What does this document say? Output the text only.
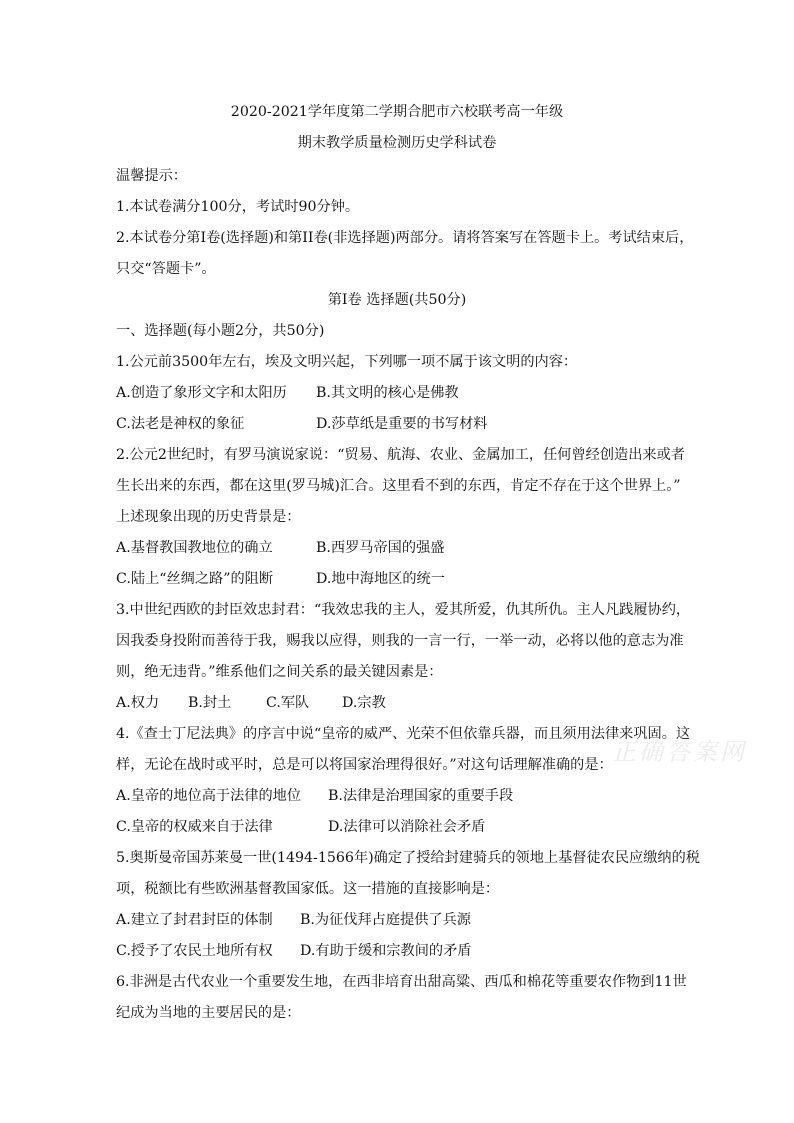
2020-2021学年度第二学期合肥市六校联考高一年级
期末教学质量检测历史学科试卷
温馨提示：
1.本试卷满分100分，考试时90分钟。
2.本试卷分第I卷(选择题)和第II卷(非选择题)两部分。请将答案写在答题卡上。考试结束后，
只交“答题卡”。
第I卷 选择题(共50分)
一、选择题(每小题2分，共50分)
1.公元前3500年左右，埃及文明兴起，下列哪一项不属于该文明的内容：
A.创造了象形文字和太阳历 B.其文明的核心是佛教
C.法老是神权的象征	D.莎草纸是重要的书写材料
2.公元2世纪时，有罗马演说家说：“贸易、航海、农业、金属加工，任何曾经创造出来或者
生长出来的东西，都在这里(罗马城)汇合。这里看不到的东西，肯定不存在于这个世界上。”
上述现象出现的历史背景是：
A.基督教国教地位的确立	B.西罗马帝国的强盛
C.陆上“丝绸之路”的阻断	D.地中海地区的统一
3.中世纪西欧的封臣效忠封君：“我效忠我的主人，爱其所爱，仇其所仇。主人凡践履协约，
因我委身投附而善待于我，赐我以应得，则我的一言一行，一举一动，必将以他的意志为准
则，绝无违背。”维系他们之间关系的最关键因素是：
A.权力 B.封土 C.军队 D.宗教
4.《查士丁尼法典》的序言中说“皇帝的威严、光荣不但依靠兵器，而且须用法律来巩固。这
样，无论在战时或平时，总是可以将国家治理得很好。”对这句话理解准确的是：
A.皇帝的地位高于法律的地位 B.法律是治理国家的重要手段
C.皇帝的权威来自于法律	D.法律可以消除社会矛盾
5.奥斯曼帝国苏莱曼一世(1494-1566年)确定了授给封建骑兵的领地上基督徒农民应缴纳的税
项，税额比有些欧洲基督教国家低。这一措施的直接影响是：
A.建立了封君封臣的体制 B.为征伐拜占庭提供了兵源
C.授予了农民土地所有权 D.有助于缓和宗教间的矛盾
6.非洲是古代农业一个重要发生地，在西非培育出甜高粱、西瓜和棉花等重要农作物到11世
纪成为当地的主要居民的是：
正确答案网
